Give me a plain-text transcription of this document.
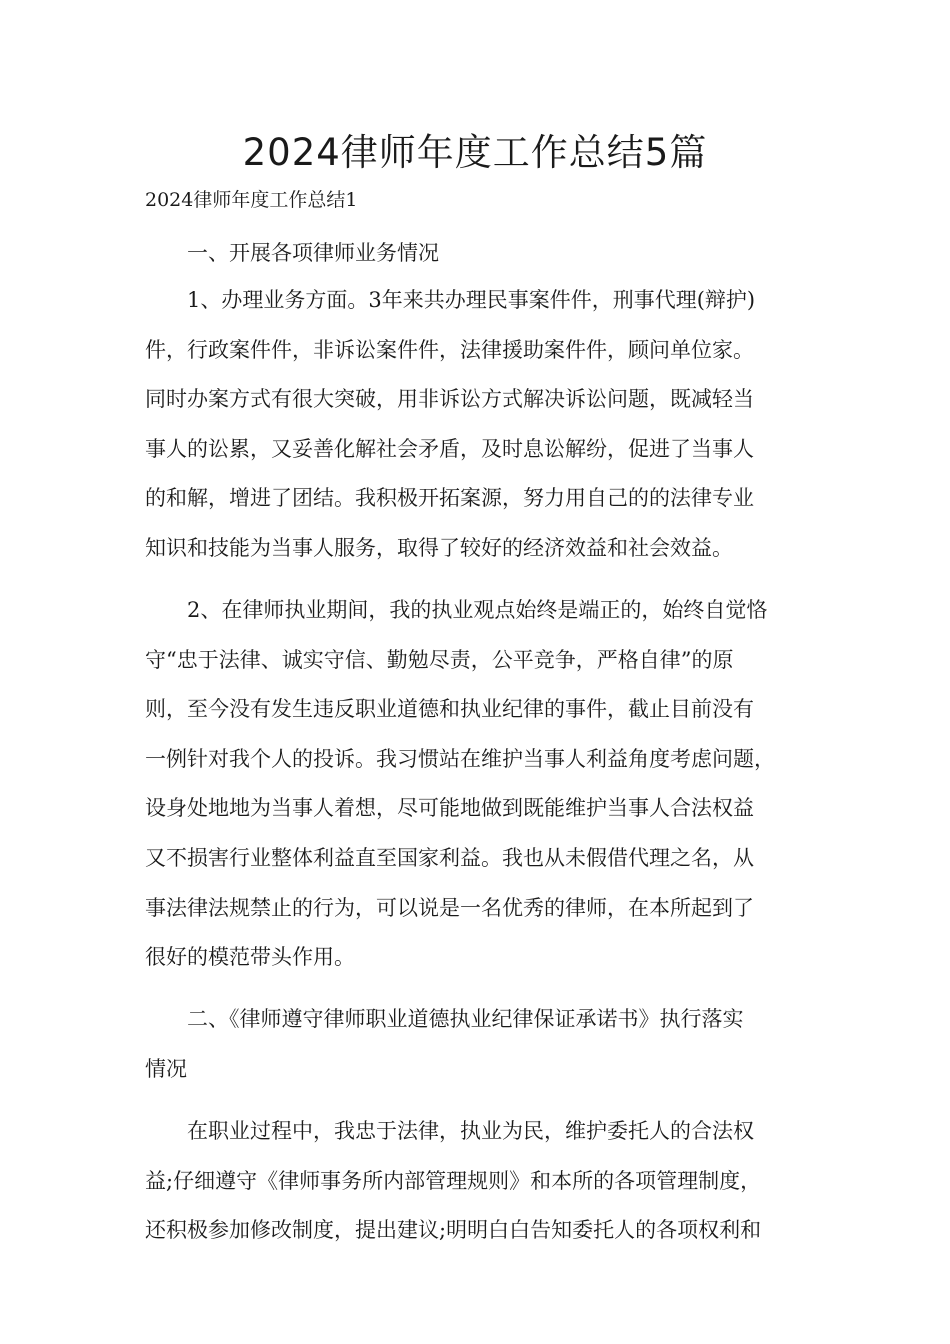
2024律师年度工作总结5篇

2024律师年度工作总结1

一、开展各项律师业务情况

1、办理业务方面。3年来共办理民事案件件，刑事代理(辩护)
件，行政案件件，非诉讼案件件，法律援助案件件，顾问单位家。
同时办案方式有很大突破，用非诉讼方式解决诉讼问题，既减轻当
事人的讼累，又妥善化解社会矛盾，及时息讼解纷，促进了当事人
的和解，增进了团结。我积极开拓案源，努力用自己的的法律专业
知识和技能为当事人服务，取得了较好的经济效益和社会效益。

2、在律师执业期间，我的执业观点始终是端正的，始终自觉恪
守“忠于法律、诚实守信、勤勉尽责，公平竞争，严格自律”的原
则，至今没有发生违反职业道德和执业纪律的事件，截止目前没有
一例针对我个人的投诉。我习惯站在维护当事人利益角度考虑问题，
设身处地地为当事人着想，尽可能地做到既能维护当事人合法权益
又不损害行业整体利益直至国家利益。我也从未假借代理之名，从
事法律法规禁止的行为，可以说是一名优秀的律师，在本所起到了
很好的模范带头作用。

二、《律师遵守律师职业道德执业纪律保证承诺书》执行落实
情况

在职业过程中，我忠于法律，执业为民，维护委托人的合法权
益;仔细遵守《律师事务所内部管理规则》和本所的各项管理制度，
还积极参加修改制度，提出建议;明明白白告知委托人的各项权利和
